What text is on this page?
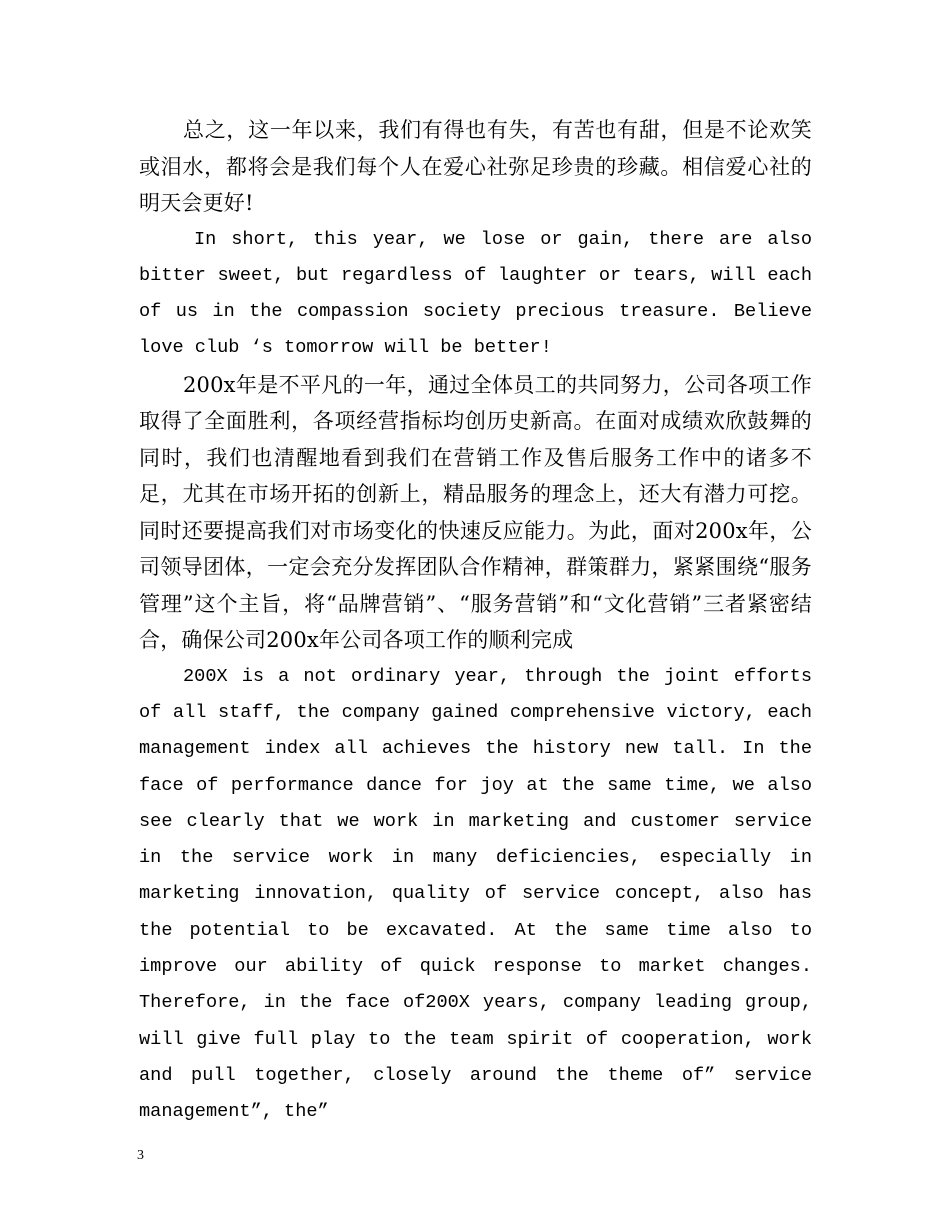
总之，这一年以来，我们有得也有失，有苦也有甜，但是不论欢笑或泪水，都将会是我们每个人在爱心社弥足珍贵的珍藏。相信爱心社的明天会更好!

In short, this year, we lose or gain, there are also bitter sweet, but regardless of laughter or tears, will each of us in the compassion society precious treasure. Believe love club ‘s tomorrow will be better!

200x年是不平凡的一年，通过全体员工的共同努力，公司各项工作取得了全面胜利，各项经营指标均创历史新高。在面对成绩欢欣鼓舞的同时，我们也清醒地看到我们在营销工作及售后服务工作中的诸多不足，尤其在市场开拓的创新上，精品服务的理念上，还大有潜力可挖。同时还要提高我们对市场变化的快速反应能力。为此，面对200x年，公司领导团体，一定会充分发挥团队合作精神，群策群力，紧紧围绕“服务管理”这个主旨，将“品牌营销”、“服务营销”和“文化营销”三者紧密结合，确保公司200x年公司各项工作的顺利完成

200X is a not ordinary year, through the joint efforts of all staff, the company gained comprehensive victory, each management index all achieves the history new tall. In the face of performance dance for joy at the same time, we also see clearly that we work in marketing and customer service in the service work in many deficiencies, especially in marketing innovation, quality of service concept, also has the potential to be excavated. At the same time also to improve our ability of quick response to market changes. Therefore, in the face of200X years, company leading group, will give full play to the team spirit of cooperation, work and pull together, closely around the theme of” service management”, the”

3
